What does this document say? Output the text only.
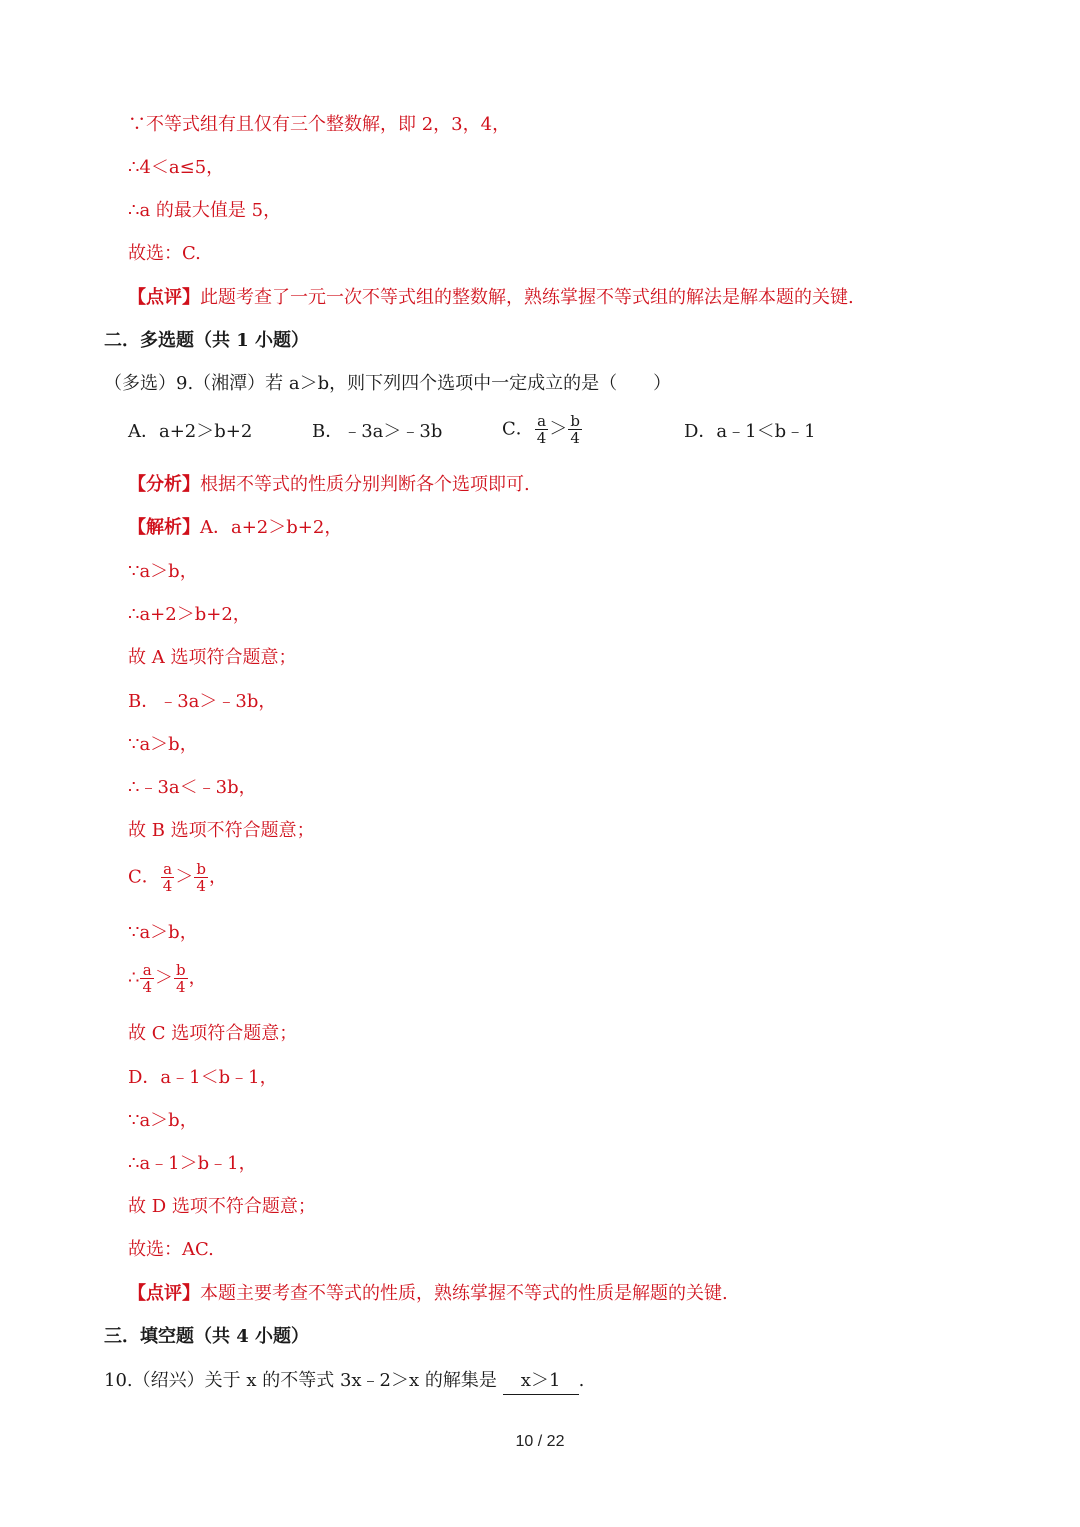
∵不等式组有且仅有三个整数解，即 2，3，4，
∴4＜a≤5，
∴a 的最大值是 5，
故选：C.
【点评】此题考查了一元一次不等式组的整数解，熟练掌握不等式组的解法是解本题的关键.
二．多选题（共 1 小题）
（多选）9.（湘潭）若 a＞b，则下列四个选项中一定成立的是（　　）
A．a+2＞b+2	B．﹣3a＞﹣3b	C． $\frac{a}{4} > \frac{b}{4}$	D．a﹣1＜b﹣1
【分析】根据不等式的性质分别判断各个选项即可.
【解析】A．a+2＞b+2，
∵a＞b，
∴a+2＞b+2，
故 A 选项符合题意；
B．﹣3a＞﹣3b，
∵a＞b，
∴﹣3a＜﹣3b，
故 B 选项不符合题意；
C． $\frac{a}{4} > \frac{b}{4}$ ，
∵a＞b，
∴ $\frac{a}{4} > \frac{b}{4}$ ，
故 C 选项符合题意；
D．a﹣1＜b﹣1，
∵a＞b，
∴a﹣1＞b﹣1，
故 D 选项不符合题意；
故选：AC.
【点评】本题主要考查不等式的性质，熟练掌握不等式的性质是解题的关键.
三．填空题（共 4 小题）
10.（绍兴）关于 x 的不等式 3x﹣2＞x 的解集是 x＞1 .
10 / 22
